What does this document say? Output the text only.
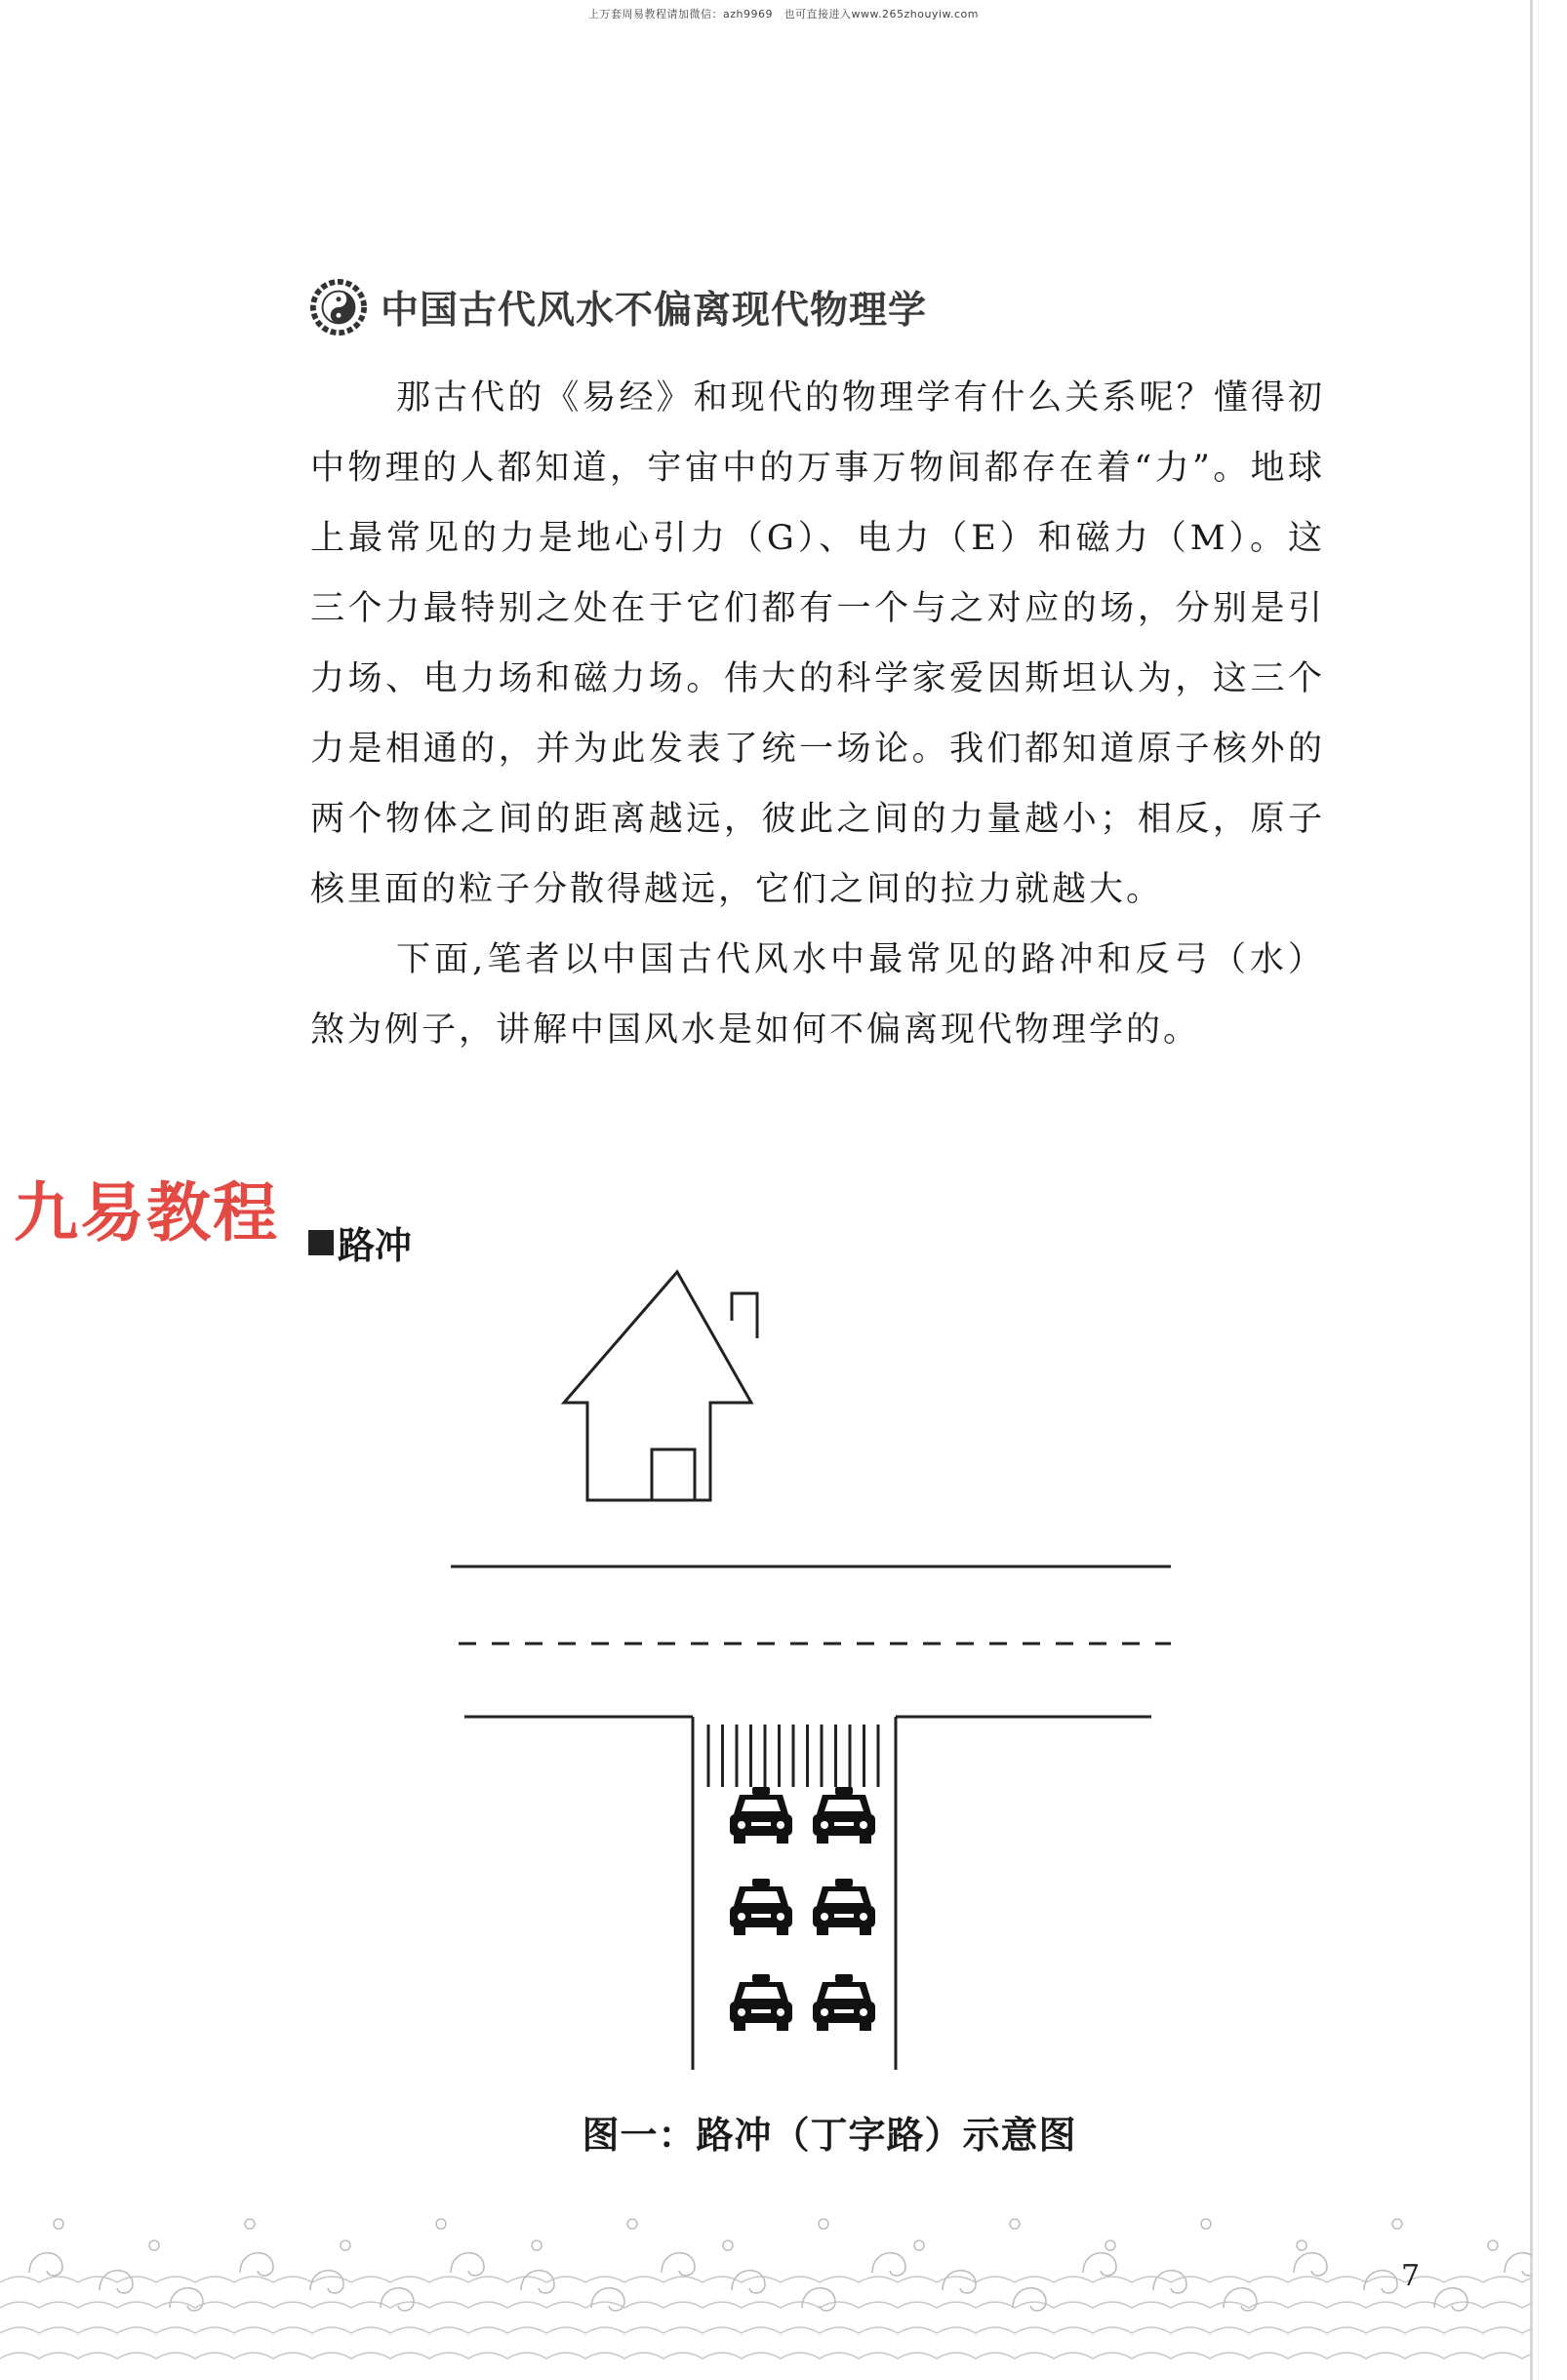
上万套周易教程请加微信：azh9969　也可直接进入www.265zhouyiw.com
中国古代风水不偏离现代物理学

那古代的《易经》和现代的物理学有什么关系呢？懂得初中物理的人都知道，宇宙中的万事万物间都存在着“力”。地球上最常见的力是地心引力（G）、电力（E）和磁力（M）。这三个力最特别之处在于它们都有一个与之对应的场，分别是引力场、电力场和磁力场。伟大的科学家爱因斯坦认为，这三个力是相通的，并为此发表了统一场论。我们都知道原子核外的两个物体之间的距离越远，彼此之间的力量越小；相反，原子核里面的粒子分散得越远，它们之间的拉力就越大。

下面,笔者以中国古代风水中最常见的路冲和反弓（水）煞为例子，讲解中国风水是如何不偏离现代物理学的。

九易教程 路冲
图一：路冲（丁字路）示意图
7
